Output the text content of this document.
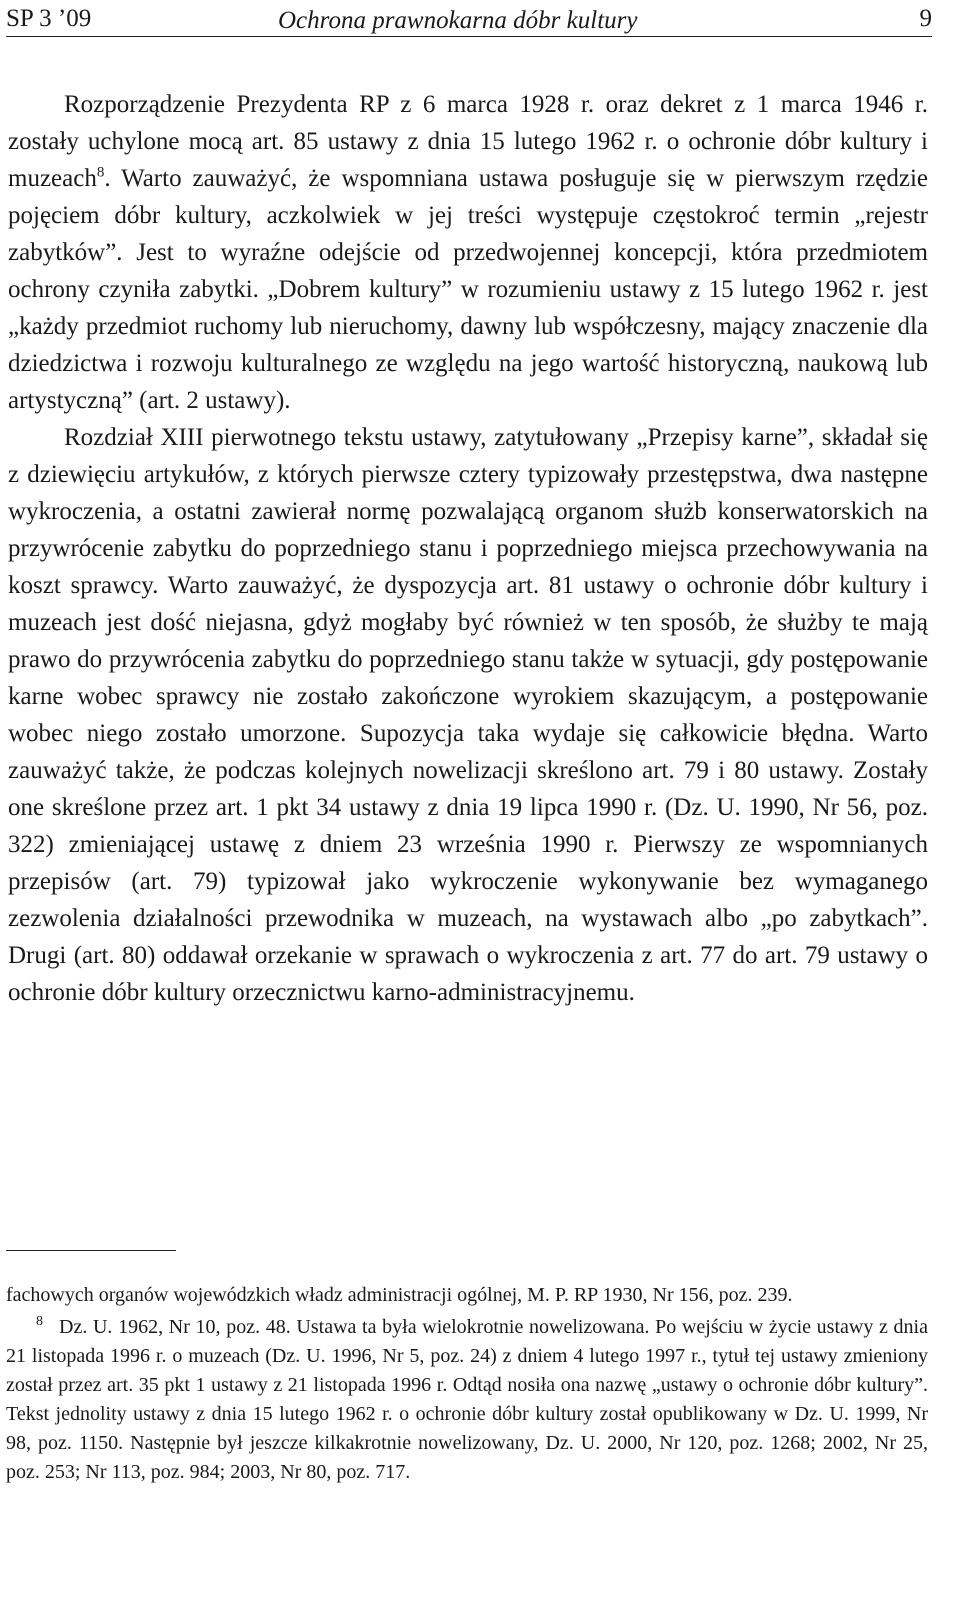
SP 3 ’09	Ochrona prawnokarna dóbr kultury	9

Rozporządzenie Prezydenta RP z 6 marca 1928 r. oraz dekret z 1 marca 1946 r. zostały uchylone mocą art. 85 ustawy z dnia 15 lutego 1962 r. o ochronie dóbr kultury i muzeach$^8$. Warto zauważyć, że wspomniana ustawa posługuje się w pierwszym rzędzie pojęciem dóbr kultury, aczkolwiek w jej treści występuje częstokroć termin „rejestr zabytków”. Jest to wyraźne odejście od przedwojennej koncepcji, która przedmiotem ochrony czyniła zabytki. „Dobrem kultury” w rozumieniu ustawy z 15 lutego 1962 r. jest „każdy przedmiot ruchomy lub nieruchomy, dawny lub współczesny, mający znaczenie dla dziedzictwa i rozwoju kulturalnego ze względu na jego wartość historyczną, naukową lub artystyczną” (art. 2 ustawy).

Rozdział XIII pierwotnego tekstu ustawy, zatytułowany „Przepisy karne”, składał się z dziewięciu artykułów, z których pierwsze cztery typizowały przestępstwa, dwa następne wykroczenia, a ostatni zawierał normę pozwalającą organom służb konserwatorskich na przywrócenie zabytku do poprzedniego stanu i poprzedniego miejsca przechowywania na koszt sprawcy. Warto zauważyć, że dyspozycja art. 81 ustawy o ochronie dóbr kultury i muzeach jest dość niejasna, gdyż mogłaby być również w ten sposób, że służby te mają prawo do przywrócenia zabytku do poprzedniego stanu także w sytuacji, gdy postępowanie karne wobec sprawcy nie zostało zakończone wyrokiem skazującym, a postępowanie wobec niego zostało umorzone. Supozycja taka wydaje się całkowicie błędna. Warto zauważyć także, że podczas kolejnych nowelizacji skreślono art. 79 i 80 ustawy. Zostały one skreślone przez art. 1 pkt 34 ustawy z dnia 19 lipca 1990 r. (Dz. U. 1990, Nr 56, poz. 322) zmieniającej ustawę z dniem 23 września 1990 r. Pierwszy ze wspomnianych przepisów (art. 79) typizował jako wykroczenie wykonywanie bez wymaganego zezwolenia działalności przewodnika w muzeach, na wystawach albo „po zabytkach”. Drugi (art. 80) oddawał orzekanie w sprawach o wykroczenia z art. 77 do art. 79 ustawy o ochronie dóbr kultury orzecznictwu karno-administracyjnemu.

fachowych organów wojewódzkich władz administracji ogólnej, M. P. RP 1930, Nr 156, poz. 239.

$^8$ Dz. U. 1962, Nr 10, poz. 48. Ustawa ta była wielokrotnie nowelizowana. Po wejściu w życie ustawy z dnia 21 listopada 1996 r. o muzeach (Dz. U. 1996, Nr 5, poz. 24) z dniem 4 lutego 1997 r., tytuł tej ustawy zmieniony został przez art. 35 pkt 1 ustawy z 21 listopada 1996 r. Odtąd nosiła ona nazwę „ustawy o ochronie dóbr kultury”. Tekst jednolity ustawy z dnia 15 lutego 1962 r. o ochronie dóbr kultury został opublikowany w Dz. U. 1999, Nr 98, poz. 1150. Następnie był jeszcze kilkakrotnie nowelizowany, Dz. U. 2000, Nr 120, poz. 1268; 2002, Nr 25, poz. 253; Nr 113, poz. 984; 2003, Nr 80, poz. 717.
